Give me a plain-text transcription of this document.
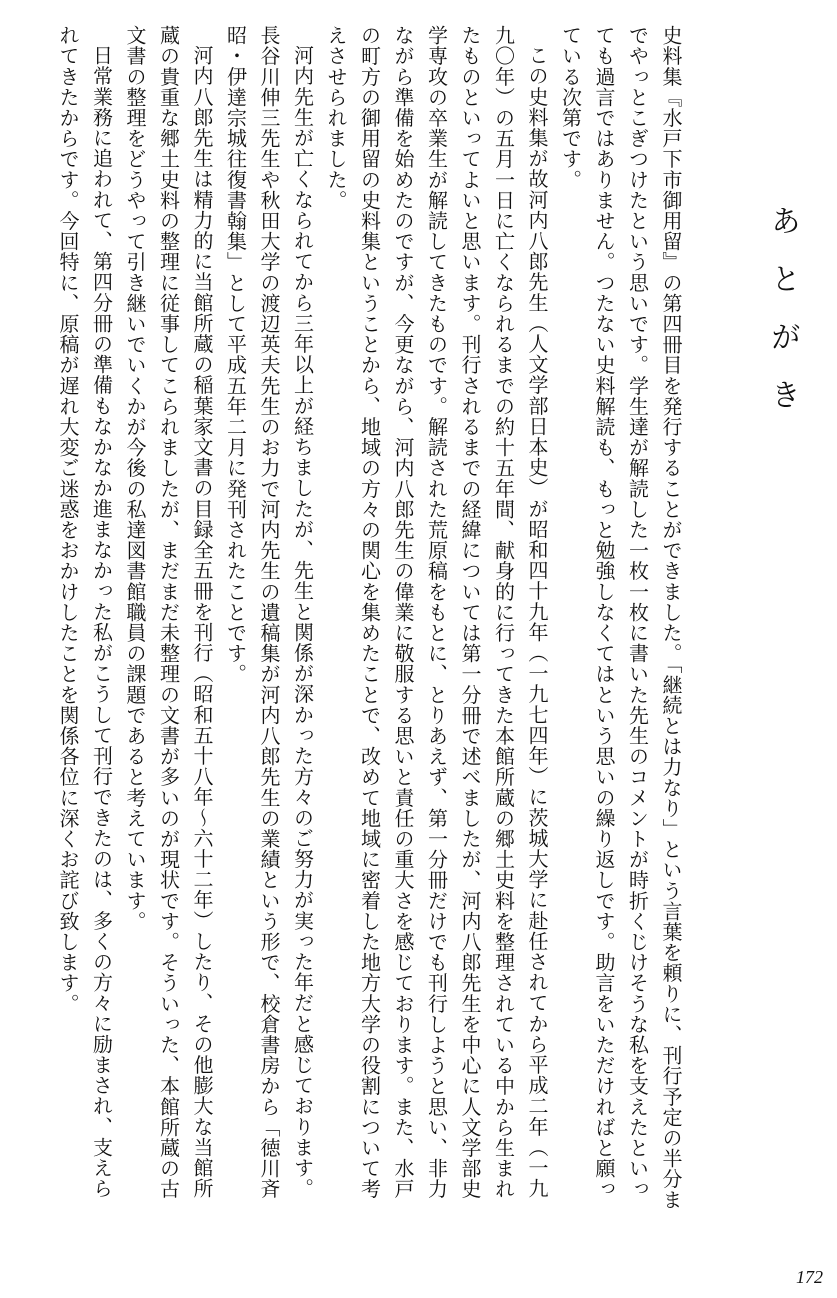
あとがき

史料集『水戸下市御用留』の第四冊目を発行することができました。「継続とは力なり」という言葉を頼りに、刊行予定の半分までやっとこぎつけたという思いです。学生達が解読した一枚一枚に書いた先生のコメントが時折くじけそうな私を支えたといっても過言ではありません。つたない史料解読も、もっと勉強しなくてはという思いの繰り返しです。助言をいただければと願っている次第です。

この史料集が故河内八郎先生（人文学部日本史）が昭和四十九年（一九七四年）に茨城大学に赴任されてから平成二年（一九九〇年）の五月一日に亡くなられるまでの約十五年間、献身的に行ってきた本館所蔵の郷土史料を整理されている中から生まれたものといってよいと思います。刊行されるまでの経緯については第一分冊で述べましたが、河内八郎先生を中心に人文学部史学専攻の卒業生が解読してきたものです。解読された荒原稿をもとに、とりあえず、第一分冊だけでも刊行しようと思い、非力ながら準備を始めたのですが、今更ながら、河内八郎先生の偉業に敬服する思いと責任の重大さを感じております。また、水戸の町方の御用留の史料集ということから、地域の方々の関心を集めたことで、改めて地域に密着した地方大学の役割について考えさせられました。

河内先生が亡くなられてから三年以上が経ちましたが、先生と関係が深かった方々のご努力が実った年だと感じております。長谷川伸三先生や秋田大学の渡辺英夫先生のお力で河内先生の遺稿集が河内八郎先生の業績という形で、校倉書房から「徳川斉昭・伊達宗城往復書翰集」として平成五年二月に発刊されたことです。

河内八郎先生は精力的に当館所蔵の稲葉家文書の目録全五冊を刊行（昭和五十八年〜六十二年）したり、その他膨大な当館所蔵の貴重な郷土史料の整理に従事してこられましたが、まだまだ未整理の文書が多いのが現状です。そういった、本館所蔵の古文書の整理をどうやって引き継いでいくかが今後の私達図書館職員の課題であると考えています。

日常業務に追われて、第四分冊の準備もなかなか進まなかった私がこうして刊行できたのは、多くの方々に励まされ、支えられてきたからです。今回特に、原稿が遅れ大変ご迷惑をおかけしたことを関係各位に深くお詫び致します。

172
